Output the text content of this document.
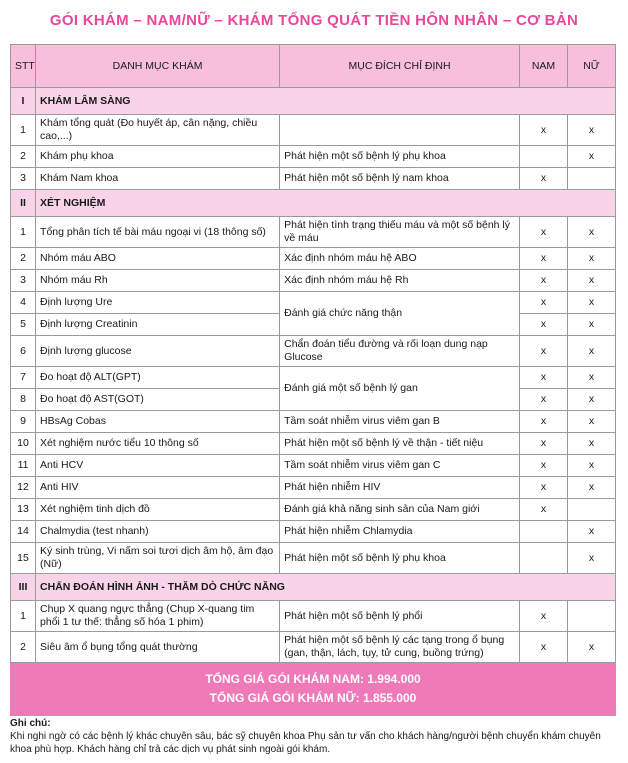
GÓI KHÁM – NAM/NỮ – KHÁM TỔNG QUÁT TIỀN HÔN NHÂN – CƠ BẢN
STT	DANH MỤC KHÁM	MỤC ĐÍCH CHỈ ĐỊNH	NAM	NỮ
I	KHÁM LÂM SÀNG			
1	Khám tổng quát (Đo huyết áp, cân nặng, chiều cao,...)		x	x
2	Khám phụ khoa	Phát hiện một số bệnh lý phụ khoa		x
3	Khám Nam khoa	Phát hiện một số bệnh lý nam khoa	x	
II	XÉT NGHIỆM			
1	Tổng phân tích tế bài máu ngoại vi (18 thông số)	Phát hiện tình trạng thiếu máu và một số bệnh lý về máu	x	x
2	Nhóm máu ABO	Xác định nhóm máu hệ ABO	x	x
3	Nhóm máu Rh	Xác định nhóm máu hệ Rh	x	x
4	Định lượng Ure	Đánh giá chức năng thận	x	x
5	Định lượng Creatinin		x	x
6	Định lượng glucose	Chẩn đoán tiểu đường và rối loạn dung nạp Glucose	x	x
7	Đo hoạt độ ALT(GPT)	Đánh giá một số bệnh lý gan	x	x
8	Đo hoạt độ AST(GOT)		x	x
9	HBsAg Cobas	Tầm soát nhiễm virus viêm gan B	x	x
10	Xét nghiệm nước tiểu 10 thông số	Phát hiện một số bệnh lý về thận - tiết niệu	x	x
11	Anti HCV	Tầm soát nhiễm virus viêm gan C	x	x
12	Anti HIV	Phát hiện nhiễm HIV	x	x
13	Xét nghiệm tinh dịch đồ	Đánh giá khả năng sinh sản của Nam giới	x	
14	Chalmydia (test nhanh)	Phát hiện nhiễm Chlamydia		x
15	Ký sinh trùng, Vi nấm soi tươi dịch âm hộ, âm đạo (Nữ)	Phát hiện một số bệnh lý phụ khoa		x
III	CHẨN ĐOÁN HÌNH ẢNH - THĂM DÒ CHỨC NĂNG			
1	Chụp X quang ngực thẳng (Chụp X-quang tim phổi 1 tư thế: thẳng số hóa 1 phim)	Phát hiện một số bệnh lý phổi	x	
2	Siêu âm ổ bụng tổng quát thường	Phát hiện một số bệnh lý các tạng trong ổ bụng (gan, thận, lách, tụy, tử cung, buồng trứng)	x	x

TỔNG GIÁ GÓI KHÁM NAM: 1.994.000
TỔNG GIÁ GÓI KHÁM NỮ: 1.855.000				
Ghi chú:
Khi nghi ngờ có các bệnh lý khác chuyên sâu, bác sỹ chuyên khoa Phụ sản tư vấn cho khách hàng/người bệnh chuyển khám chuyên khoa phù hợp. Khách hàng chỉ trả các dịch vụ phát sinh ngoài gói khám.
